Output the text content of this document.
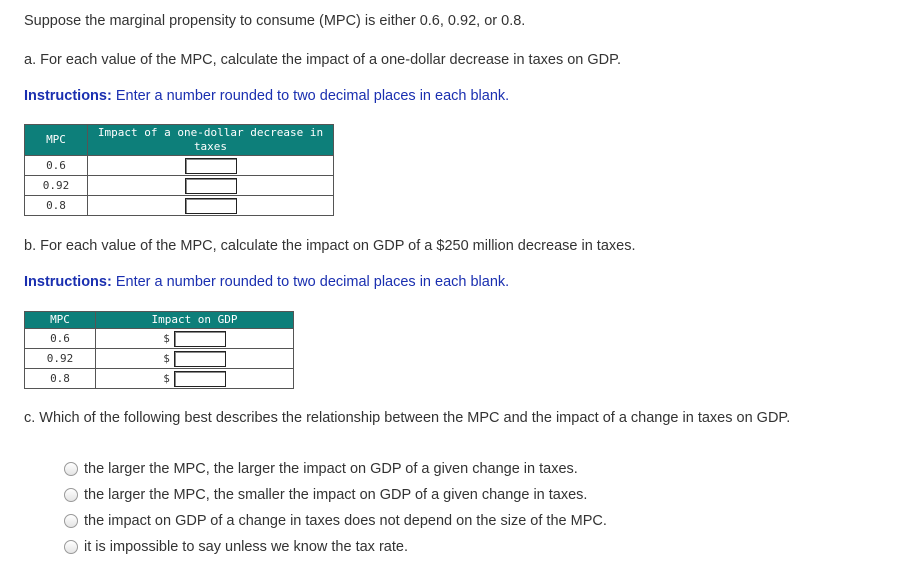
Suppose the marginal propensity to consume (MPC) is either 0.6, 0.92, or 0.8.
a. For each value of the MPC, calculate the impact of a one-dollar decrease in taxes on GDP.
Instructions: Enter a number rounded to two decimal places in each blank.
MPC	Impact of a one-dollar decrease in taxes
0.6	
0.92	
0.8	
b. For each value of the MPC, calculate the impact on GDP of a $250 million decrease in taxes.
Instructions: Enter a number rounded to two decimal places in each blank.
MPC	Impact on GDP
0.6	$
0.92	$
0.8	$
c. Which of the following best describes the relationship between the MPC and the impact of a change in taxes on GDP.
the larger the MPC, the larger the impact on GDP of a given change in taxes.
the larger the MPC, the smaller the impact on GDP of a given change in taxes.
the impact on GDP of a change in taxes does not depend on the size of the MPC.
it is impossible to say unless we know the tax rate.
